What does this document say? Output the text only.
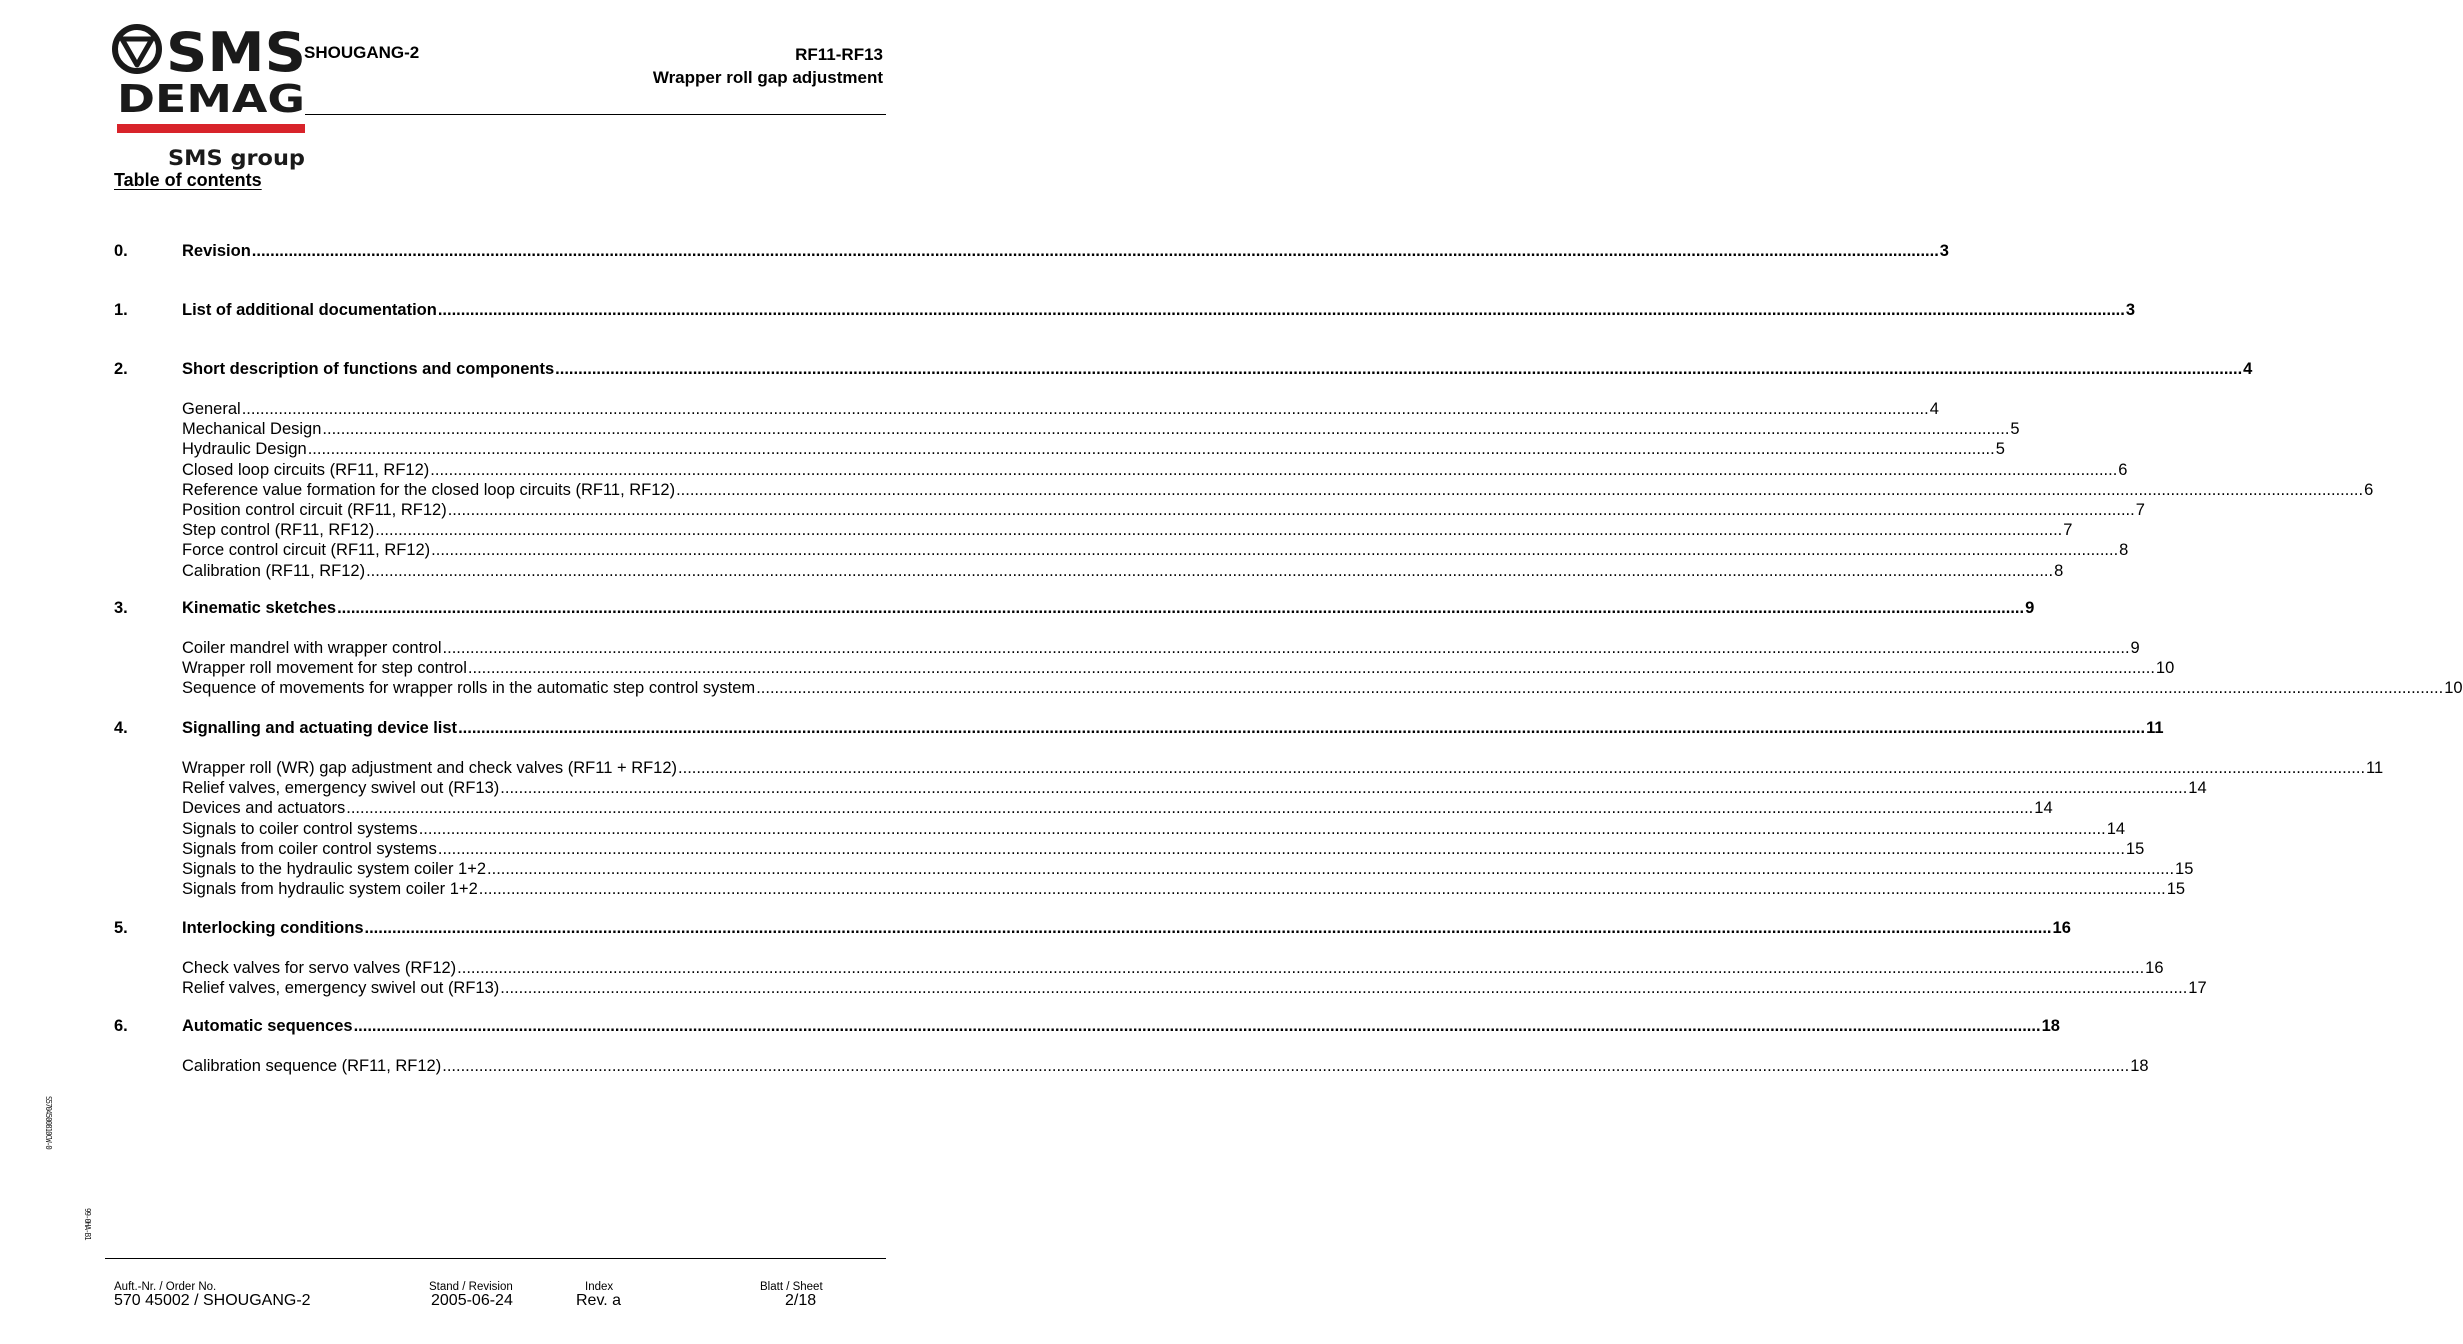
SMS
DEMAG
SMS group
SHOUGANG-2	RF11-RF13
Wrapper roll gap adjustment
Table of contents
0.	Revision .....	3
1.	List of additional documentation .....	3
2.	Short description of functions and components .....	4
General .....	4
Mechanical Design .....	5
Hydraulic Design .....	5
Closed loop circuits (RF11, RF12) .....	6
Reference value formation for the closed loop circuits (RF11, RF12) .....	6
Position control circuit (RF11, RF12) .....	7
Step control (RF11, RF12) .....	7
Force control circuit (RF11, RF12) .....	8
Calibration (RF11, RF12) .....	8
3.	Kinematic sketches .....	9
Coiler mandrel with wrapper control .....	9
Wrapper roll movement for step control .....	10
Sequence of movements for wrapper rolls in the automatic step control system .....	10
4.	Signalling and actuating device list .....	11
Wrapper roll (WR) gap adjustment and check valves (RF11 + RF12) .....	11
Relief valves, emergency swivel out (RF13) .....	14
Devices and actuators .....	14
Signals to coiler control systems .....	14
Signals from coiler control systems .....	15
Signals to the hydraulic system coiler 1+2 .....	15
Signals from hydraulic system coiler 1+2 .....	15
5.	Interlocking conditions .....	16
Check valves for servo valves (RF12) .....	16
Relief valves, emergency swivel out (RF13) .....	17
6.	Automatic sequences .....	18
Calibration sequence (RF11, RF12) .....	18
S5704500810CW-0
99-0HA-B1
Auft.-Nr. / Order No.
570 45002 / SHOUGANG-2
Stand / Revision
2005-06-24
Index
Rev. a
Blatt / Sheet
2/18
